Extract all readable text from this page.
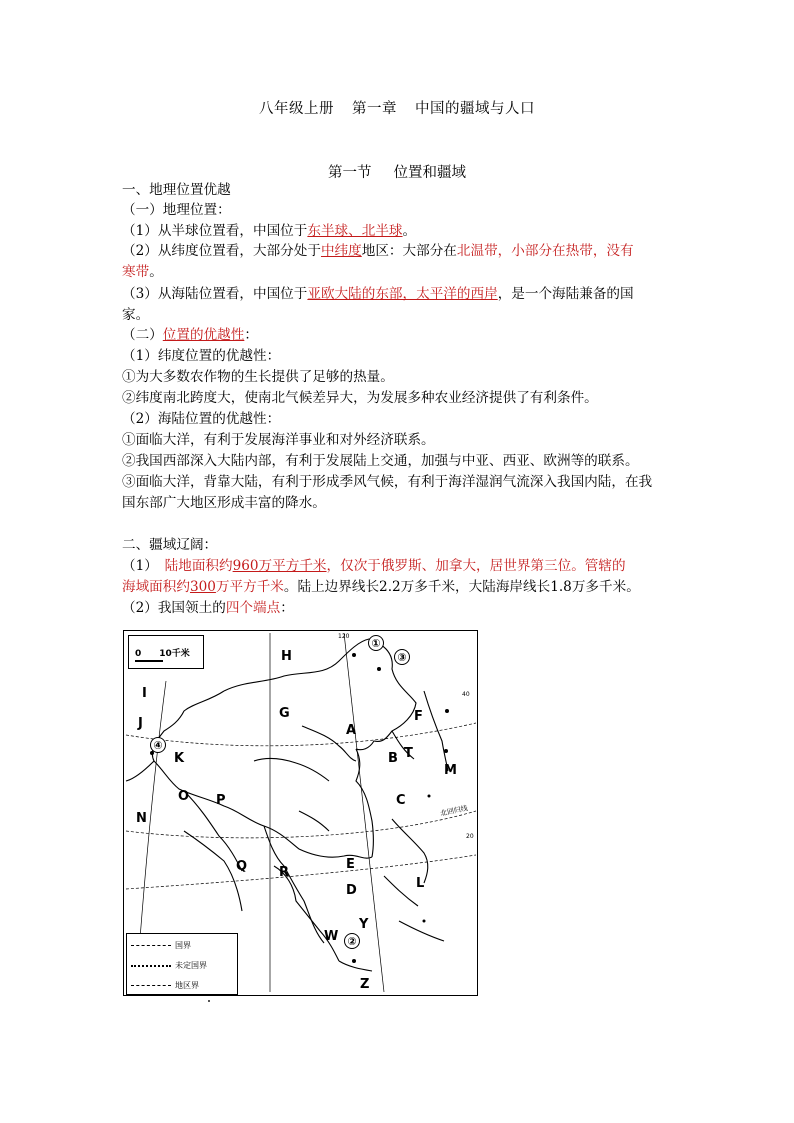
八年级上册 第一章 中国的疆域与人口
第一节 位置和疆域
一、地理位置优越
（一）地理位置：
（1）从半球位置看，中国位于东半球、北半球。
（2）从纬度位置看，大部分处于中纬度地区：大部分在北温带，小部分在热带，没有
寒带。
（3）从海陆位置看，中国位于亚欧大陆的东部，太平洋的西岸，是一个海陆兼备的国
家。
（二）位置的优越性：
（1）纬度位置的优越性：
①为大多数农作物的生长提供了足够的热量。
②纬度南北跨度大，使南北气候差异大，为发展多种农业经济提供了有利条件。
（2）海陆位置的优越性：
①面临大洋，有利于发展海洋事业和对外经济联系。
②我国西部深入大陆内部，有利于发展陆上交通，加强与中亚、西亚、欧洲等的联系。
③面临大洋，背靠大陆，有利于形成季风气候，有利于海洋湿润气流深入我国内陆，在我
国东部广大地区形成丰富的降水。
二、疆域辽阔：
（1）　陆地面积约960万平方千米，仅次于俄罗斯、加拿大，居世界第三位。管辖的
海域面积约300万平方千米。陆上边界线长2.2万多千米，大陆海岸线长1.8万多千米。
（2）我国领土的四个端点：
0　　10千米
120
40
20
北回归线
H
I
J
G
A
F
B T
M
K
O P	C
N
Q R
E
D	L
Y
W
Z
①
②
③
④
国界
未定国界
地区界
